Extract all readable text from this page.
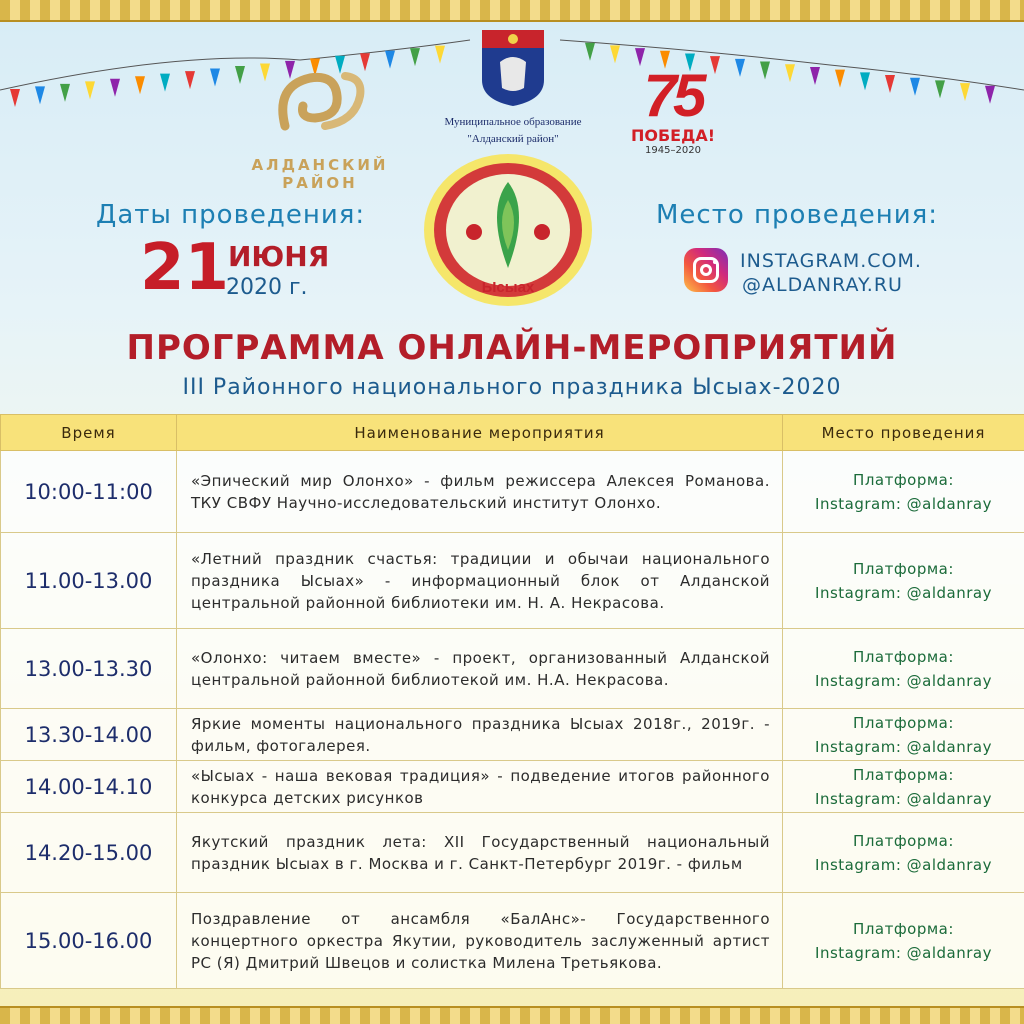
АЛДАНСКИЙ РАЙОН
Муниципальное образование
"Алданский район"
75
ПОБЕДА!
1945–2020
Ысыах
Даты проведения:
21
ИЮНЯ
2020 г.
Место проведения:
INSTAGRAM.COM.
@ALDANRAY.RU
ПРОГРАММА ОНЛАЙН-МЕРОПРИЯТИЙ
III Районного национального праздника Ысыах-2020
Время	Наименование мероприятия	Место проведения
10:00-11:00	«Эпический мир Олонхо» - фильм режиссера Алексея Романова. ТКУ СВФУ Научно-исследовательский институт Олонхо.	Платформа:
Instagram: @aldanray

11.00-13.00	«Летний праздник счастья: традиции и обычаи национального праздника Ысыах» - информационный блок от Алданской центральной районной библиотеки им. Н. А. Некрасова.	Платформа:
Instagram: @aldanray

13.00-13.30	«Олонхо: читаем вместе» - проект, организованный Алданской центральной районной библиотекой им. Н.А. Некрасова.	Платформа:
Instagram: @aldanray

13.30-14.00	Яркие моменты национального праздника Ысыах 2018г., 2019г. - фильм, фотогалерея.	Платформа:
Instagram: @aldanray

14.00-14.10	«Ысыах - наша вековая традиция» - подведение итогов районного конкурса детских рисунков	Платформа:
Instagram: @aldanray

14.20-15.00	Якутский праздник лета: XII Государственный национальный праздник Ысыах в г. Москва и г. Санкт-Петербург 2019г. - фильм	Платформа:
Instagram: @aldanray

15.00-16.00	Поздравление от ансамбля «БалАнс»- Государственного концертного оркестра Якутии, руководитель заслуженный артист РС (Я) Дмитрий Швецов и солистка Милена Третьякова.	Платформа:
Instagram: @aldanray
